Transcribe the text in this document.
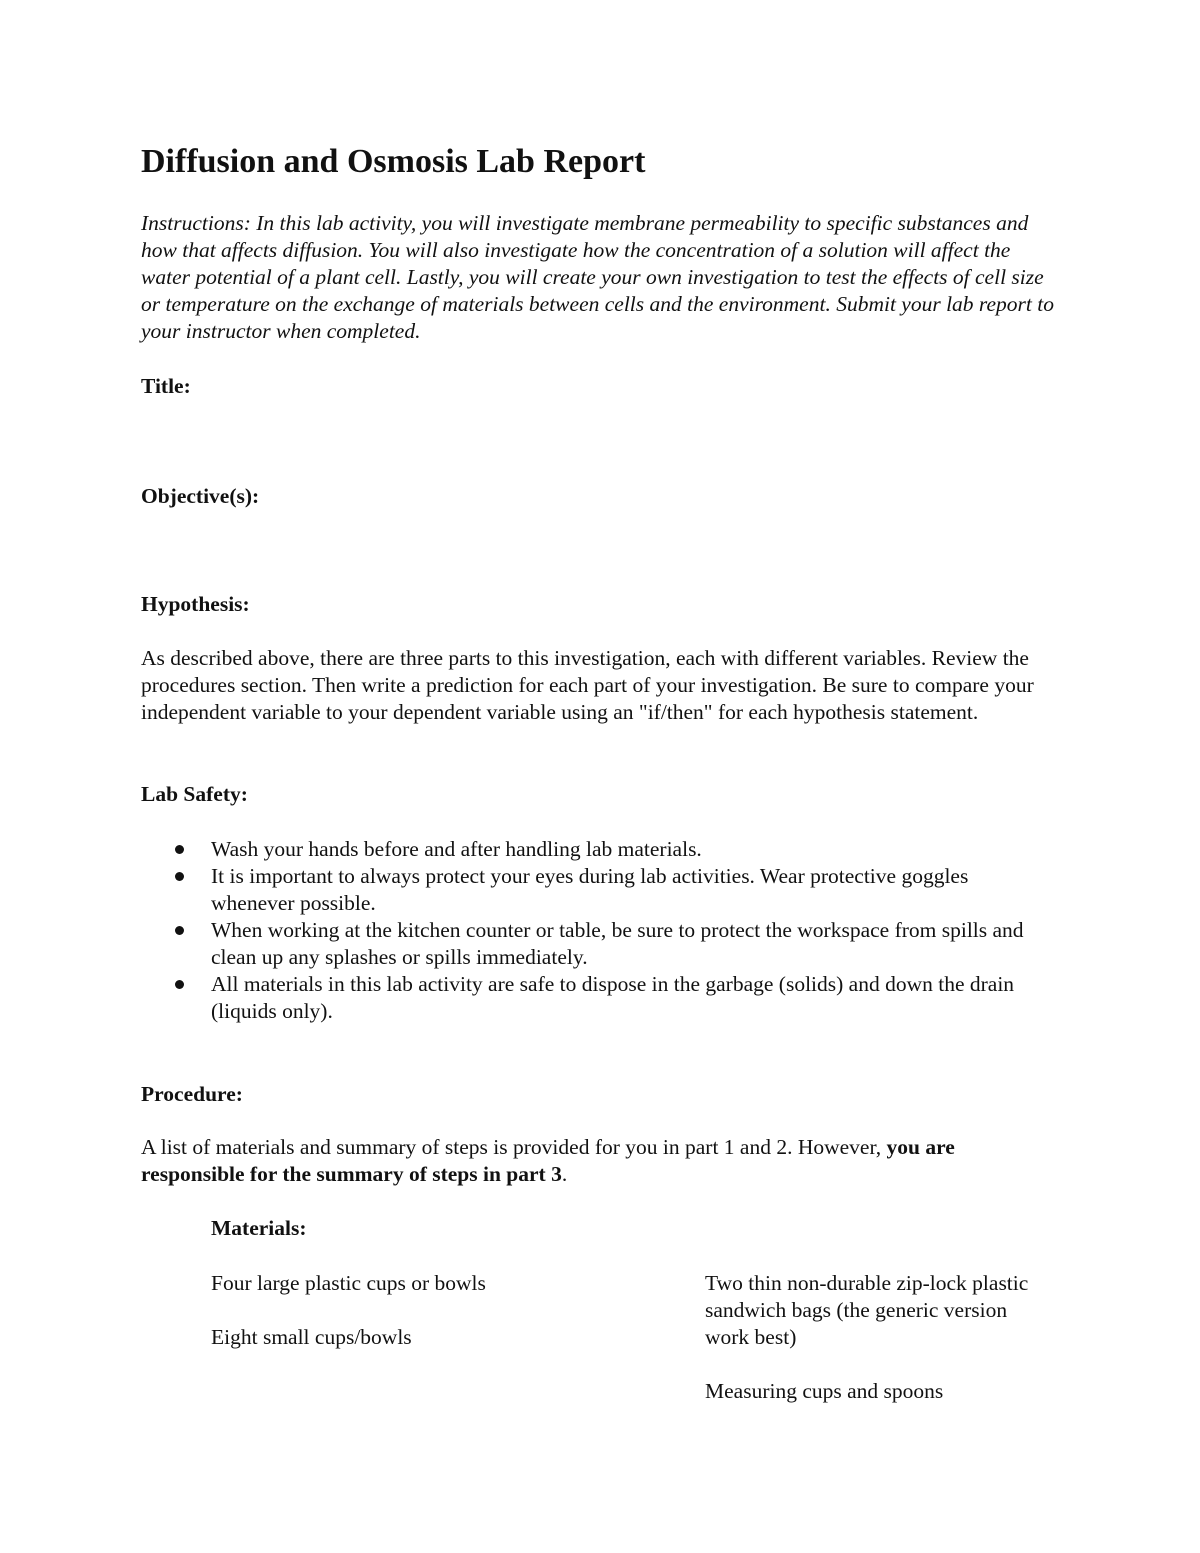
Diffusion and Osmosis Lab Report

Instructions: In this lab activity, you will investigate membrane permeability to specific substances and how that affects diffusion. You will also investigate how the concentration of a solution will affect the water potential of a plant cell. Lastly, you will create your own investigation to test the effects of cell size or temperature on the exchange of materials between cells and the environment. Submit your lab report to your instructor when completed.

Title:
Objective(s):
Hypothesis:

As described above, there are three parts to this investigation, each with different variables. Review the procedures section. Then write a prediction for each part of your investigation. Be sure to compare your independent variable to your dependent variable using an "if/then" for each hypothesis statement.

Lab Safety:
Wash your hands before and after handling lab materials.
It is important to always protect your eyes during lab activities. Wear protective goggles whenever possible.
When working at the kitchen counter or table, be sure to protect the workspace from spills and clean up any splashes or spills immediately.
All materials in this lab activity are safe to dispose in the garbage (solids) and down the drain (liquids only).
Procedure:

A list of materials and summary of steps is provided for you in part 1 and 2. However, you are responsible for the summary of steps in part 3.

Materials:

Four large plastic cups or bowls

Eight small cups/bowls

Two thin non-durable zip-lock plastic sandwich bags (the generic version work best)

Measuring cups and spoons
